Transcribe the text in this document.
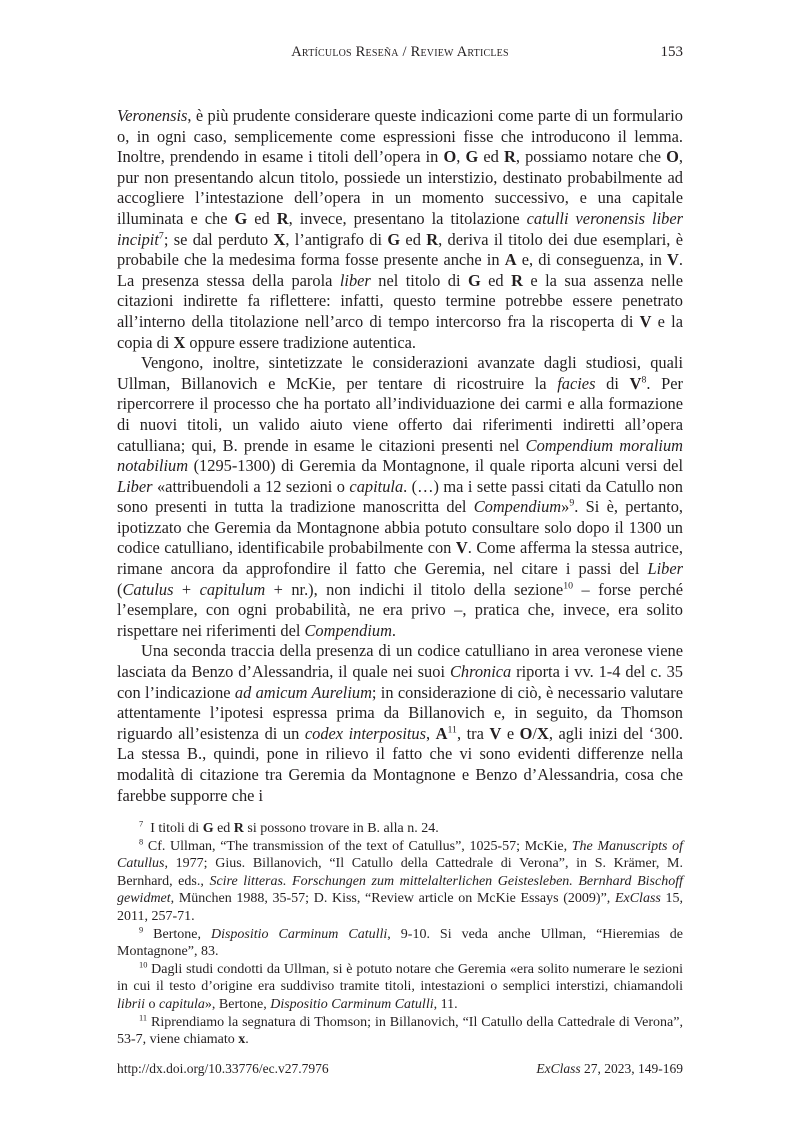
Artículos Reseña / Review Articles	153

Veronensis, è più prudente considerare queste indicazioni come parte di un formulario o, in ogni caso, semplicemente come espressioni fisse che introducono il lemma. Inoltre, prendendo in esame i titoli dell’opera in O, G ed R, possiamo notare che O, pur non presentando alcun titolo, possiede un interstizio, destinato probabilmente ad accogliere l’intestazione dell’opera in un momento successivo, e una capitale illuminata e che G ed R, invece, presentano la titolazione catulli veronensis liber incipit$^7$; se dal perduto X, l’antigrafo di G ed R, deriva il titolo dei due esemplari, è probabile che la medesima forma fosse presente anche in A e, di conseguenza, in V. La presenza stessa della parola liber nel titolo di G ed R e la sua assenza nelle citazioni indirette fa riflettere: infatti, questo termine potrebbe essere penetrato all’interno della titolazione nell’arco di tempo intercorso fra la riscoperta di V e la copia di X oppure essere tradizione autentica.

Vengono, inoltre, sintetizzate le considerazioni avanzate dagli studiosi, quali Ullman, Billanovich e McKie, per tentare di ricostruire la facies di $V^8$. Per ripercorrere il processo che ha portato all’individuazione dei carmi e alla formazione di nuovi titoli, un valido aiuto viene offerto dai riferimenti indiretti all’opera catulliana; qui, B. prende in esame le citazioni presenti nel Compendium moralium notabilium (1295-1300) di Geremia da Montagnone, il quale riporta alcuni versi del Liber «attribuendoli a 12 sezioni o capitula. (…) ma i sette passi citati da Catullo non sono presenti in tutta la tradizione manoscritta del Compendium»$^9$. Si è, pertanto, ipotizzato che Geremia da Montagnone abbia potuto consultare solo dopo il 1300 un codice catulliano, identificabile probabilmente con V. Come afferma la stessa autrice, rimane ancora da approfondire il fatto che Geremia, nel citare i passi del Liber (Catulus + capitulum + nr.), non indichi il titolo della sezione$^{10}$ – forse perché l’esemplare, con ogni probabilità, ne era privo –, pratica che, invece, era solito rispettare nei riferimenti del Compendium.

Una seconda traccia della presenza di un codice catulliano in area veronese viene lasciata da Benzo d’Alessandria, il quale nei suoi Chronica riporta i vv. 1-4 del c. 35 con l’indicazione ad amicum Aurelium; in considerazione di ciò, è necessario valutare attentamente l’ipotesi espressa prima da Billanovich e, in seguito, da Thomson riguardo all’esistenza di un codex interpositus, $A^{11}$, tra V e O/X, agli inizi del ‘300. La stessa B., quindi, pone in rilievo il fatto che vi sono evidenti differenze nella modalità di citazione tra Geremia da Montagnone e Benzo d’Alessandria, cosa che farebbe supporre che i

$^7$  I titoli di G ed R si possono trovare in B. alla n. 24.

$^8$ Cf. Ullman, “The transmission of the text of Catullus”, 1025-57; McKie, The Manuscripts of Catullus, 1977; Gius. Billanovich, “Il Catullo della Cattedrale di Verona”, in S. Krämer, M. Bernhard, eds., Scire litteras. Forschungen zum mittelalterlichen Geistesleben. Bernhard Bischoff gewidmet, München 1988, 35-57; D. Kiss, “Review article on McKie Essays (2009)”, ExClass 15, 2011, 257-71.

$^9$ Bertone, Dispositio Carminum Catulli, 9-10. Si veda anche Ullman, “Hieremias de Montagnone”, 83.

$^{10}$ Dagli studi condotti da Ullman, si è potuto notare che Geremia «era solito numerare le sezioni in cui il testo d’origine era suddiviso tramite titoli, intestazioni o semplici interstizi, chiamandoli librii o capitula», Bertone, Dispositio Carminum Catulli, 11.

$^{11}$ Riprendiamo la segnatura di Thomson; in Billanovich, “Il Catullo della Cattedrale di Verona”, 53-7, viene chiamato x.

http://dx.doi.org/10.33776/ec.v27.7976	ExClass 27, 2023, 149-169
